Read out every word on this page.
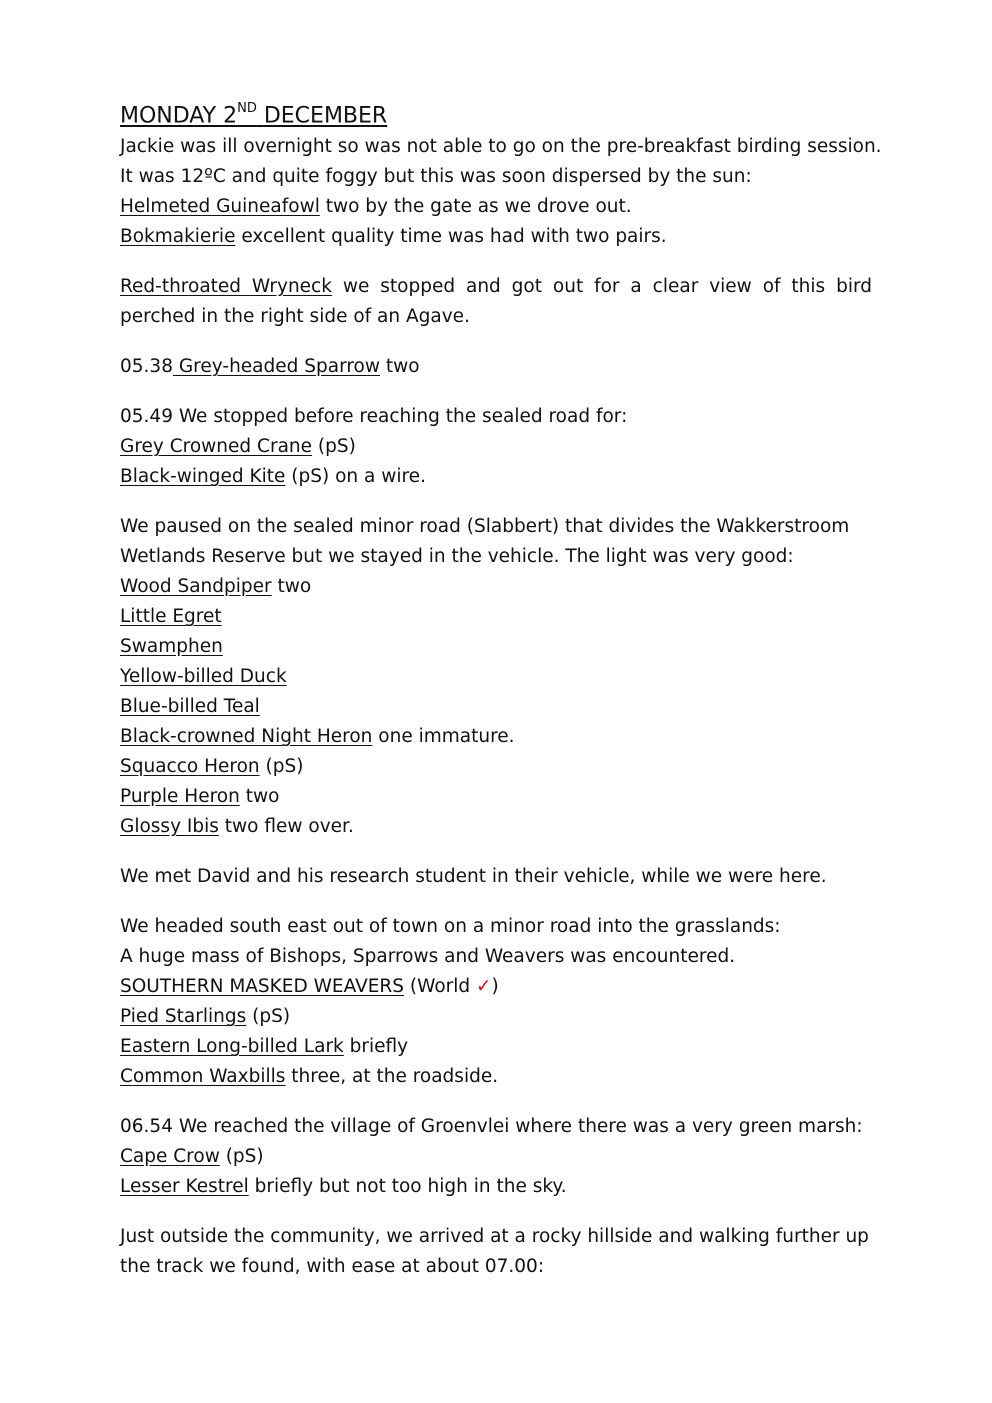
MONDAY 2ND DECEMBER
Jackie was ill overnight so was not able to go on the pre-breakfast birding session.
It was 12ºC and quite foggy but this was soon dispersed by the sun:
Helmeted Guineafowl two by the gate as we drove out.
Bokmakierie excellent quality time was had with two pairs.
Red-throated Wryneck we stopped and got out for a clear view of this bird
perched in the right side of an Agave.
05.38 Grey-headed Sparrow two
05.49 We stopped before reaching the sealed road for:
Grey Crowned Crane (pS)
Black-winged Kite (pS) on a wire.
We paused on the sealed minor road (Slabbert) that divides the Wakkerstroom
Wetlands Reserve but we stayed in the vehicle. The light was very good:
Wood Sandpiper two
Little Egret
Swamphen
Yellow-billed Duck
Blue-billed Teal
Black-crowned Night Heron one immature.
Squacco Heron (pS)
Purple Heron two
Glossy Ibis two flew over.
We met David and his research student in their vehicle, while we were here.
We headed south east out of town on a minor road into the grasslands:
A huge mass of Bishops, Sparrows and Weavers was encountered.
SOUTHERN MASKED WEAVERS (World ✓)
Pied Starlings (pS)
Eastern Long-billed Lark briefly
Common Waxbills three, at the roadside.
06.54 We reached the village of Groenvlei where there was a very green marsh:
Cape Crow (pS)
Lesser Kestrel briefly but not too high in the sky.
Just outside the community, we arrived at a rocky hillside and walking further up
the track we found, with ease at about 07.00:
